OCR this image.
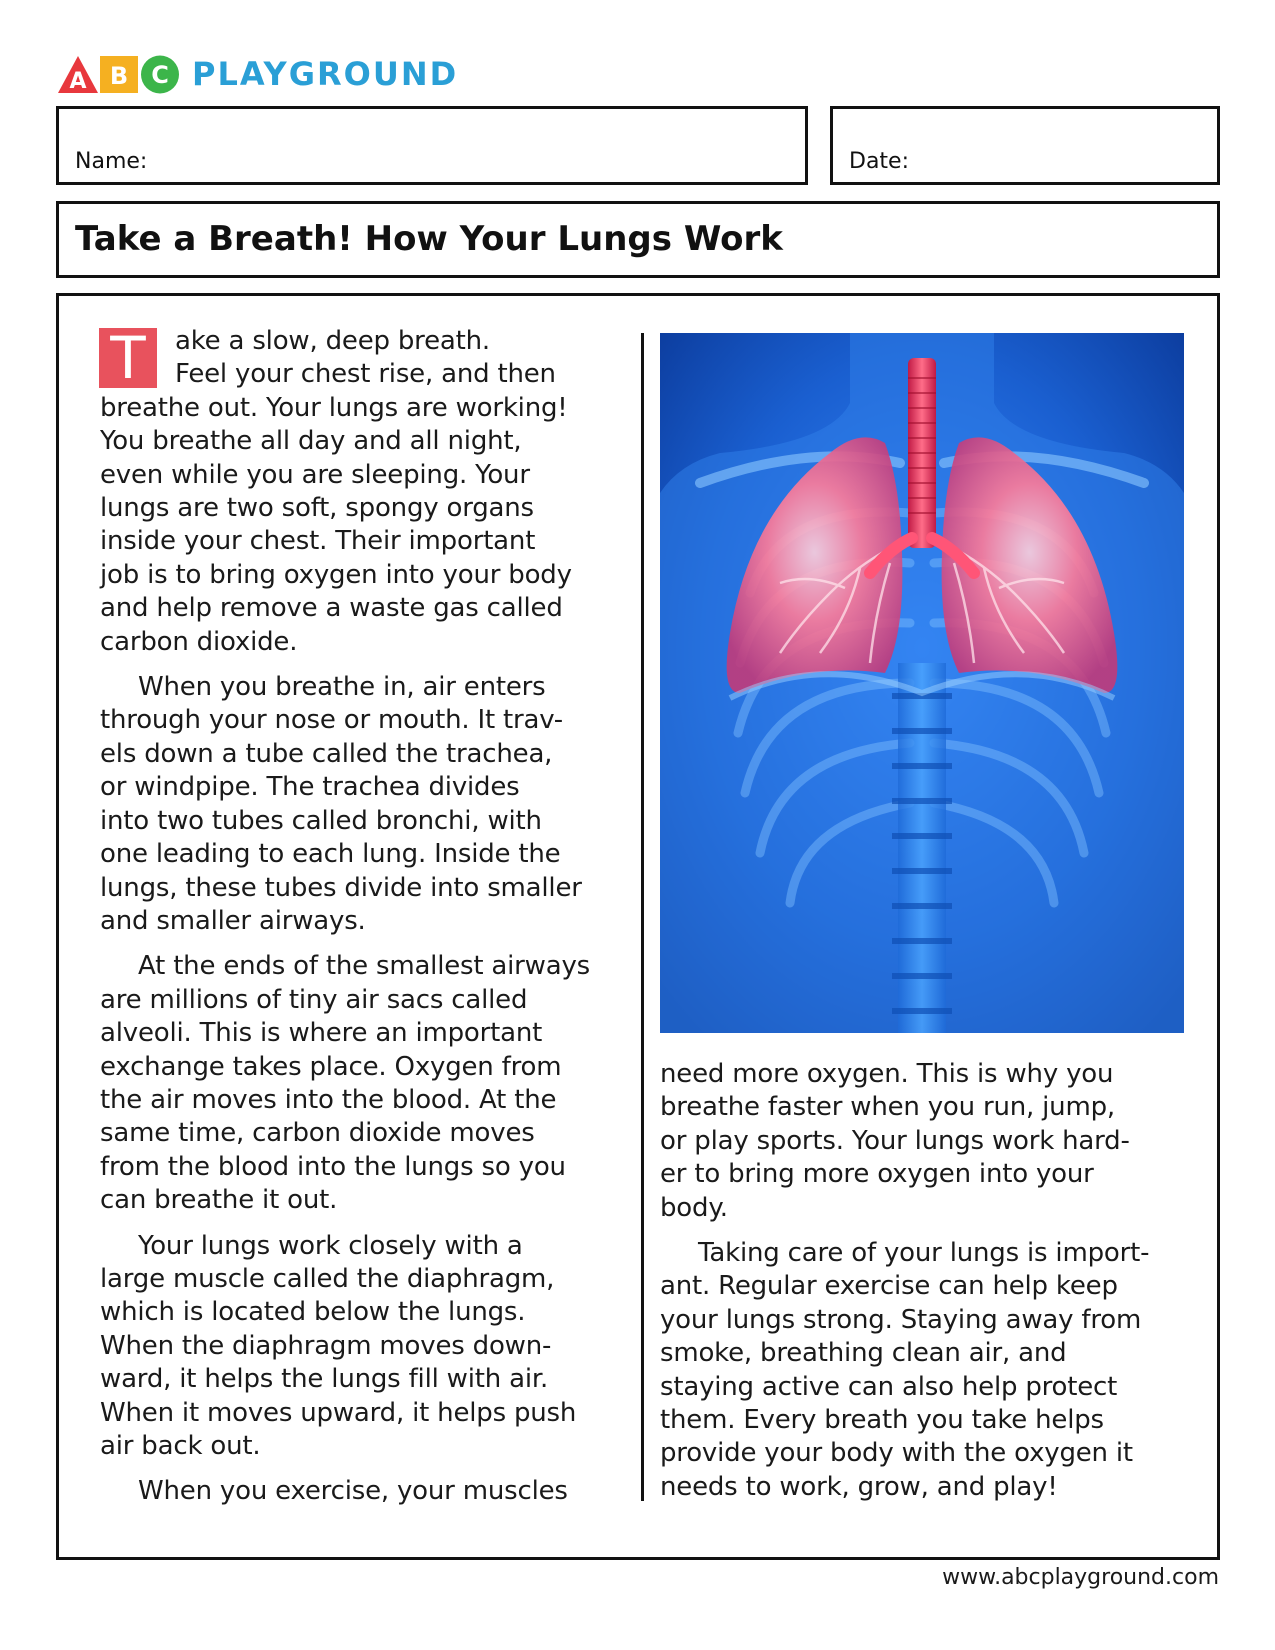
A B C PLAYGROUND
Name:	Date:
Take a Breath! How Your Lungs Work
T	ake a slow, deep breath.
Feel your chest rise, and then
breathe out. Your lungs are working!
You breathe all day and all night,
even while you are sleeping. Your
lungs are two soft, spongy organs
inside your chest. Their important
job is to bring oxygen into your body
and help remove a waste gas called
carbon dioxide.

When you breathe in, air enters
through your nose or mouth. It trav-
els down a tube called the trachea,
or windpipe. The trachea divides
into two tubes called bronchi, with
one leading to each lung. Inside the
lungs, these tubes divide into smaller
and smaller airways.

At the ends of the smallest airways
are millions of tiny air sacs called
alveoli. This is where an important
exchange takes place. Oxygen from
the air moves into the blood. At the
same time, carbon dioxide moves
from the blood into the lungs so you
can breathe it out.

Your lungs work closely with a
large muscle called the diaphragm,
which is located below the lungs.
When the diaphragm moves down-
ward, it helps the lungs fill with air.
When it moves upward, it helps push
air back out.

When you exercise, your muscles

need more oxygen. This is why you
breathe faster when you run, jump,
or play sports. Your lungs work hard-
er to bring more oxygen into your
body.

Taking care of your lungs is import-
ant. Regular exercise can help keep
your lungs strong. Staying away from
smoke, breathing clean air, and
staying active can also help protect
them. Every breath you take helps
provide your body with the oxygen it
needs to work, grow, and play!

www.abcplayground.com
